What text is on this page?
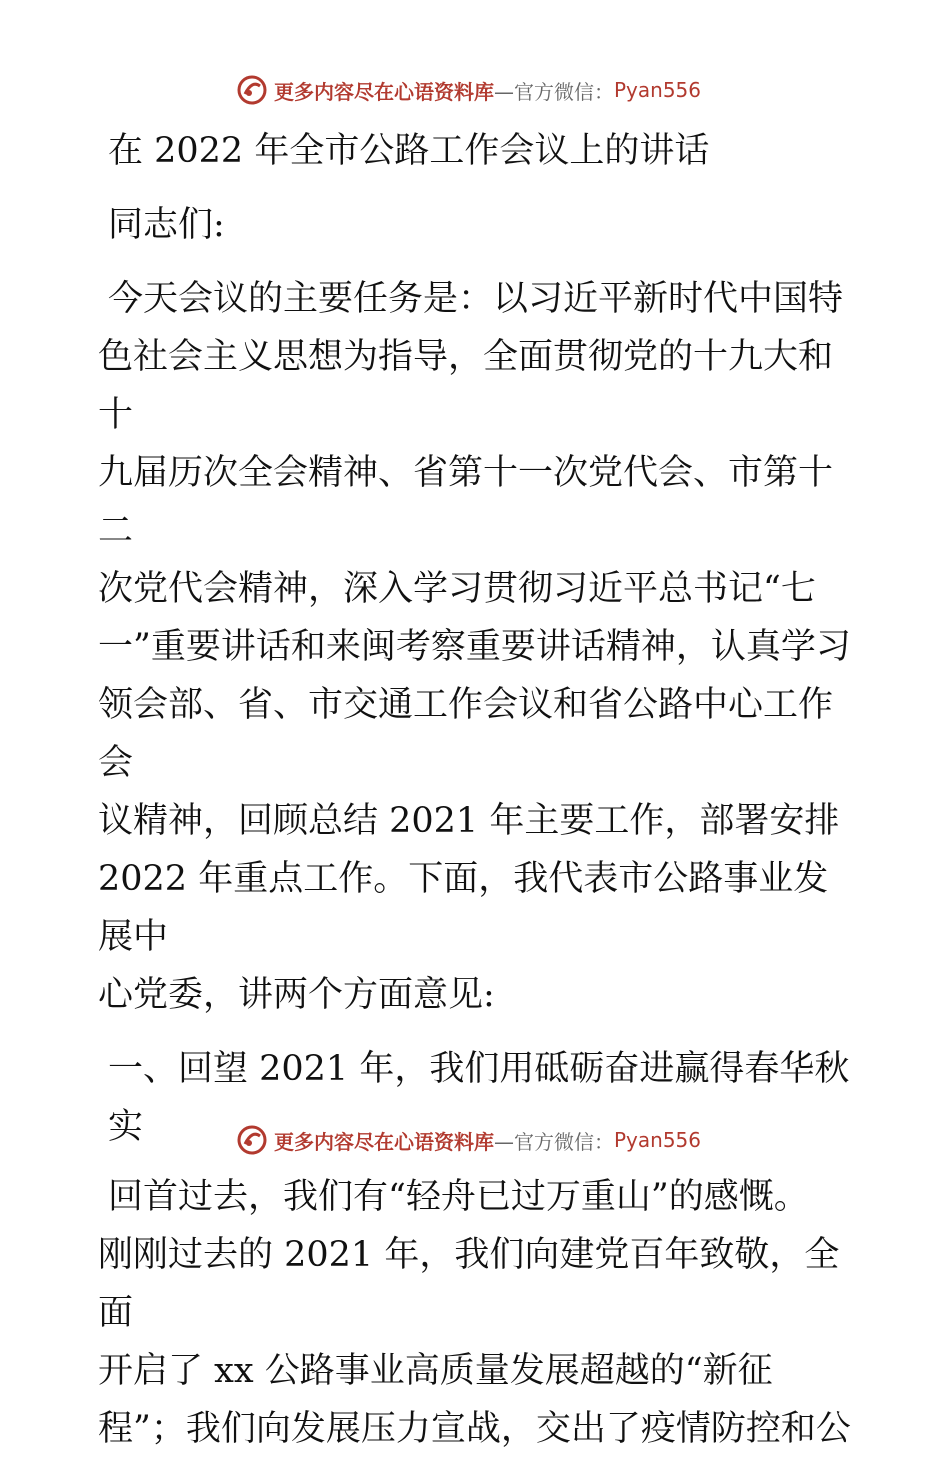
更多内容尽在心语资料库 —官方微信： Pyan556

在 2022 年全市公路工作会议上的讲话

同志们:

今天会议的主要任务是：以习近平新时代中国特

色社会主义思想为指导，全面贯彻党的十九大和十

九届历次全会精神、省第十一次党代会、市第十二

次党代会精神，深入学习贯彻习近平总书记“七

一”重要讲话和来闽考察重要讲话精神，认真学习

领会部、省、市交通工作会议和省公路中心工作会

议精神，回顾总结 2021 年主要工作，部署安排

2022 年重点工作。下面，我代表市公路事业发展中

心党委，讲两个方面意见:

一、回望 2021 年，我们用砥砺奋进赢得春华秋实

回首过去，我们有“轻舟已过万重山”的感慨。

刚刚过去的 2021 年，我们向建党百年致敬，全面

开启了 xx 公路事业高质量发展超越的“新征

程”；我们向发展压力宣战，交出了疫情防控和公

更多内容尽在心语资料库 —官方微信： Pyan556
